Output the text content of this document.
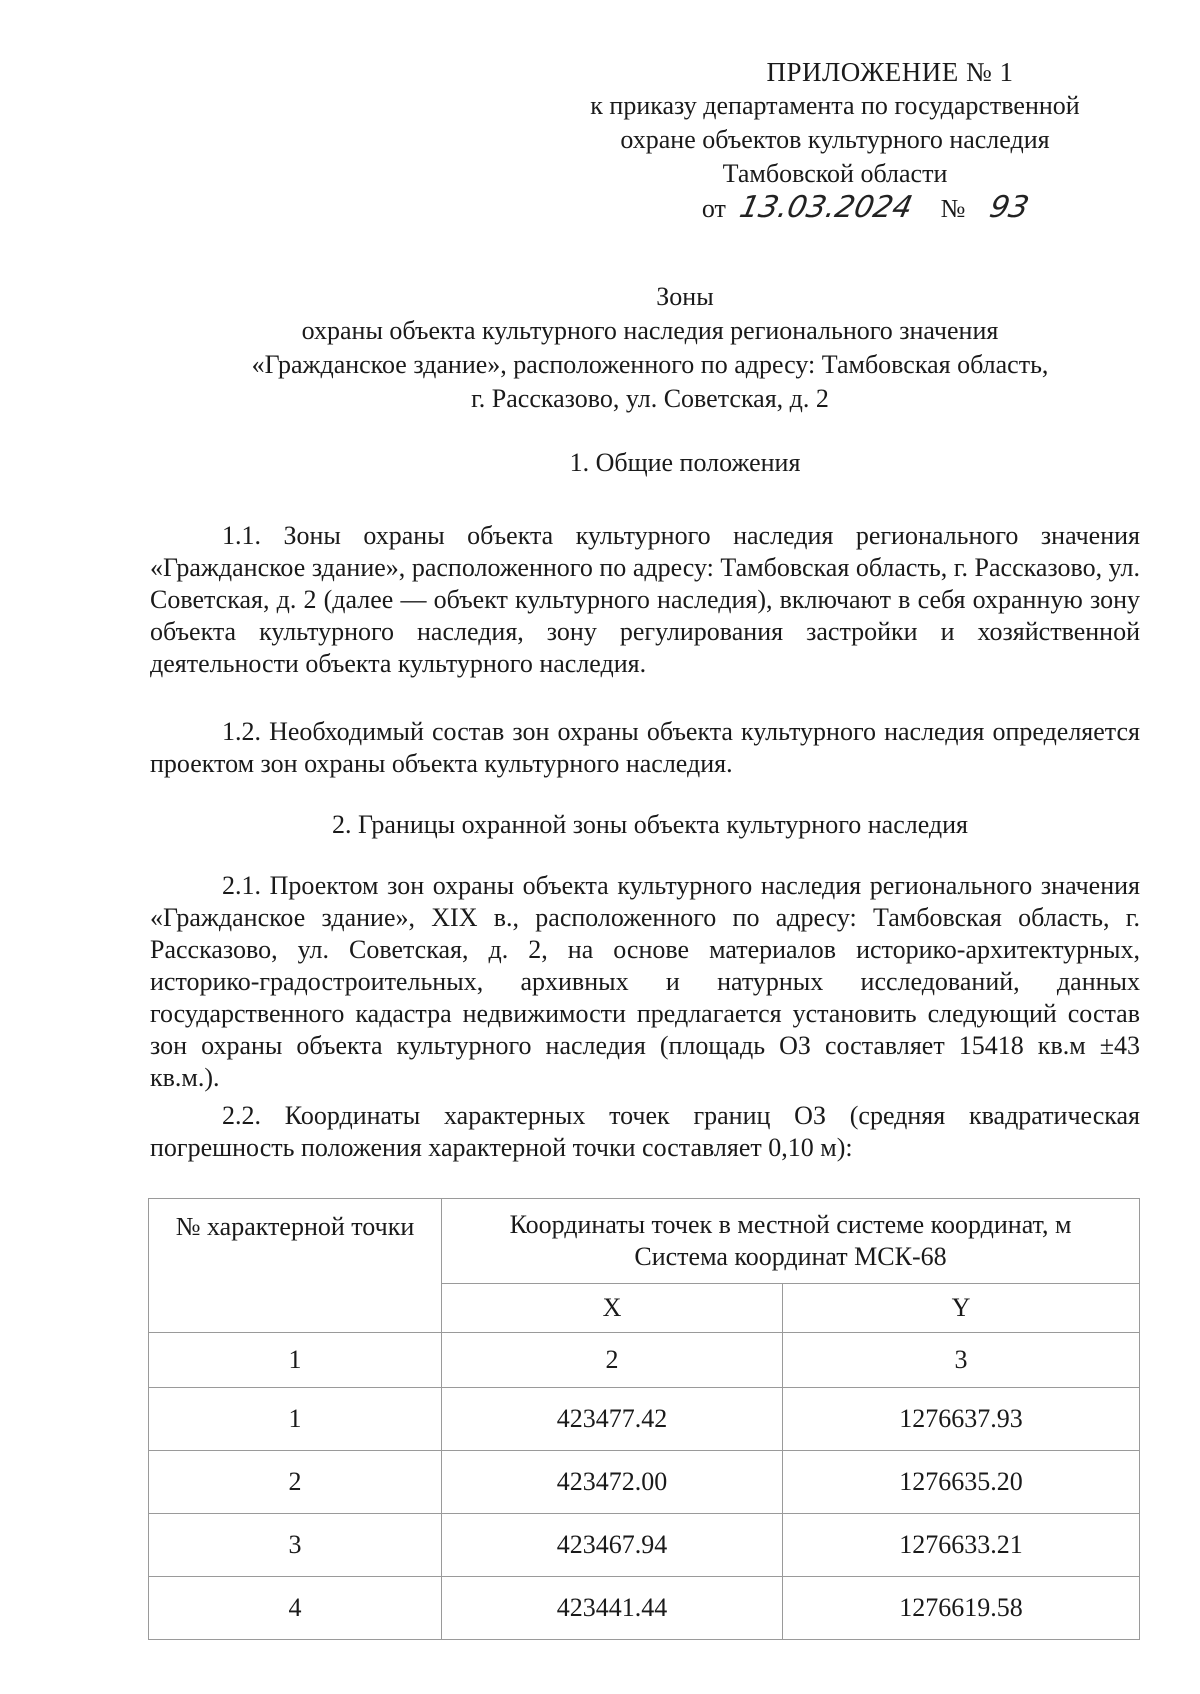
ПРИЛОЖЕНИЕ № 1
к приказу департамента по государственной
охране объектов культурного наследия
Тамбовской области
от 13.03.2024 № 93
Зоны
охраны объекта культурного наследия регионального значения
«Гражданское здание», расположенного по адресу: Тамбовская область,
г. Рассказово, ул. Советская, д. 2
1. Общие положения

1.1. Зоны охраны объекта культурного наследия регионального значения «Гражданское здание», расположенного по адресу: Тамбовская область, г. Рассказово, ул. Советская, д. 2 (далее — объект культурного наследия), включают в себя охранную зону объекта культурного наследия, зону регулирования застройки и хозяйственной деятельности объекта культурного наследия.

1.2. Необходимый состав зон охраны объекта культурного наследия определяется проектом зон охраны объекта культурного наследия.

2. Границы охранной зоны объекта культурного наследия

2.1. Проектом зон охраны объекта культурного наследия регионального значения «Гражданское здание», XIX в., расположенного по адресу: Тамбовская область, г. Рассказово, ул. Советская, д. 2, на основе материалов историко-архитектурных, историко-градостроительных, архивных и натурных исследований, данных государственного кадастра недвижимости предлагается установить следующий состав зон охраны объекта культурного наследия (площадь ОЗ составляет 15418 кв.м ±43 кв.м.).

2.2. Координаты характерных точек границ ОЗ (средняя квадратическая погрешность положения характерной точки составляет 0,10 м):

№ характерной точки	Координаты точек в местной системе координат, м
Система координат МСК-68	

	X	Y
1	2	3
1	423477.42	1276637.93
2	423472.00	1276635.20
3	423467.94	1276633.21
4	423441.44	1276619.58
